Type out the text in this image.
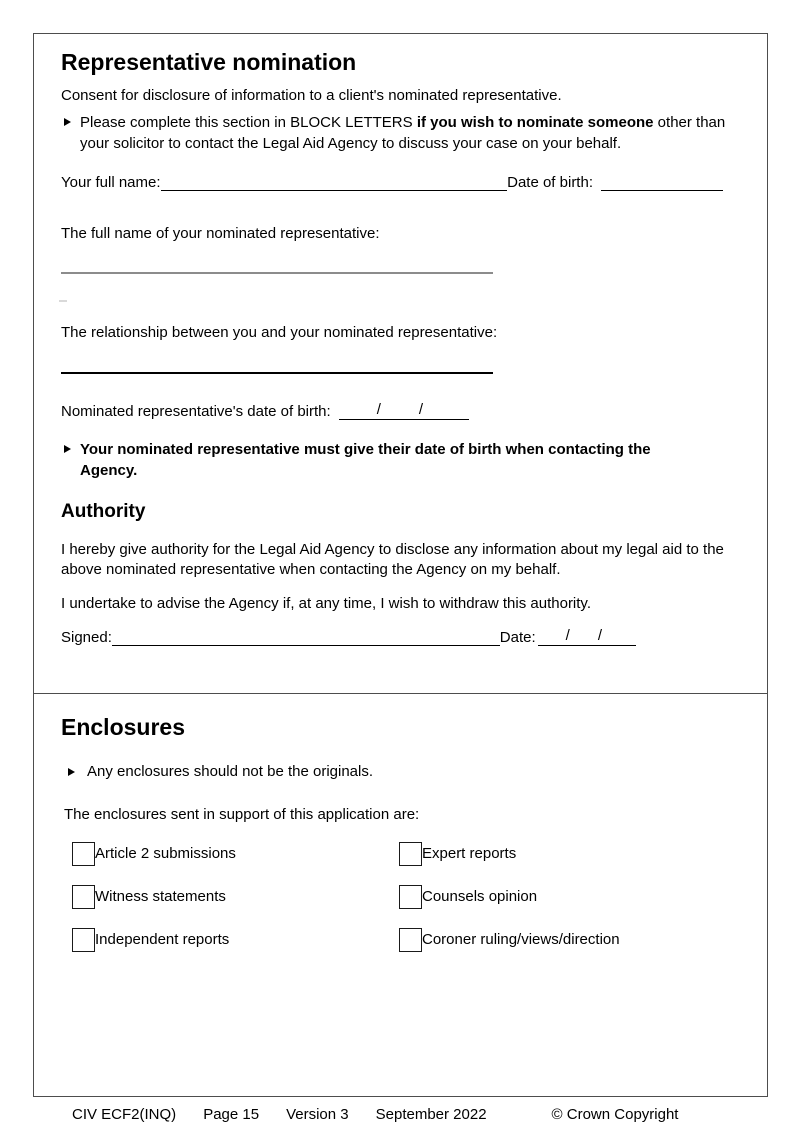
Representative nomination
Consent for disclosure of information to a client's nominated representative.
Please complete this section in BLOCK LETTERS if you wish to nominate someone other than your solicitor to contact the Legal Aid Agency to discuss your case on your behalf.
Your full name:	Date of birth:
The full name of your nominated representative:
The relationship between you and your nominated representative:
Nominated representative's date of birth:	/	/
Your nominated representative must give their date of birth when contacting the Agency.
Authority
I hereby give authority for the Legal Aid Agency to disclose any information about my legal aid to the above nominated representative when contacting the Agency on my behalf.
I undertake to advise the Agency if, at any time, I wish to withdraw this authority.
Signed:	Date: / /
Enclosures
Any enclosures should not be the originals.
The enclosures sent in support of this application are:
Article 2 submissions	Expert reports
Witness statements	Counsels opinion
Independent reports	Coroner ruling/views/direction
CIV ECF2(INQ) Page 15 Version 3 September 2022	© Crown Copyright
